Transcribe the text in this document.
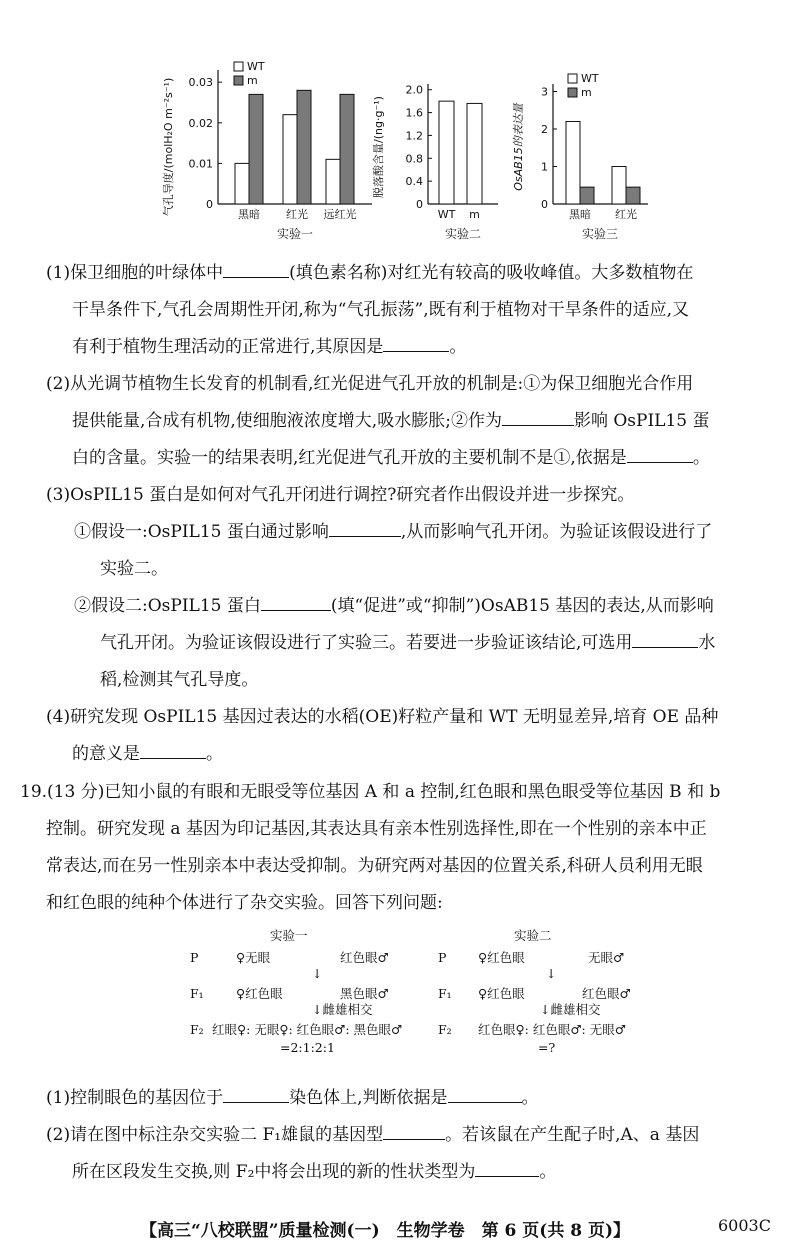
气孔导度/(molH₂O m⁻²s⁻¹)	0
0.01
0.02
0.03
黑暗 红光 远红光
WT
m
实验一
脱落酸含量/(ng·g⁻¹)
0
0.4
0.8
1.2
1.6
2.0
WT m
实验二
OsAB15的表达量
0
1
2
3
黑暗 红光
WT
m
实验三
(1)保卫细胞的叶绿体中	(填色素名称)对红光有较高的吸收峰值。大多数植物在
干旱条件下,气孔会周期性开闭,称为“气孔振荡”,既有利于植物对干旱条件的适应,又
有利于植物生理活动的正常进行,其原因是	。
(2)从光调节植物生长发育的机制看,红光促进气孔开放的机制是:①为保卫细胞光合作用
提供能量,合成有机物,使细胞液浓度增大,吸水膨胀;②作为	影响 OsPIL15 蛋
白的含量。实验一的结果表明,红光促进气孔开放的主要机制不是①,依据是	。
(3)OsPIL15 蛋白是如何对气孔开闭进行调控?研究者作出假设并进一步探究。
①假设一:OsPIL15 蛋白通过影响	,从而影响气孔开闭。为验证该假设进行了
实验二。
②假设二:OsPIL15 蛋白	(填“促进”或“抑制”)OsAB15 基因的表达,从而影响
气孔开闭。为验证该假设进行了实验三。若要进一步验证该结论,可选用	水
稻,检测其气孔导度。
(4)研究发现 OsPIL15 基因过表达的水稻(OE)籽粒产量和 WT 无明显差异,培育 OE 品种
的意义是	。
19.(13 分)已知小鼠的有眼和无眼受等位基因 A 和 a 控制,红色眼和黑色眼受等位基因 B 和 b
控制。研究发现 a 基因为印记基因,其表达具有亲本性别选择性,即在一个性别的亲本中正
常表达,而在另一性别亲本中表达受抑制。为研究两对基因的位置关系,科研人员利用无眼
和红色眼的纯种个体进行了杂交实验。回答下列问题:
实验一
P	♀无眼	红色眼♂
↓
F₁	♀红色眼	黑色眼♂
↓雌雄相交
F₂ 红眼♀: 无眼♀: 红色眼♂: 黑色眼♂
=2:1:2:1
实验二
P	♀红色眼	无眼♂
↓
F₁ ♀红色眼	红色眼♂
↓雌雄相交
F₂ 红色眼♀: 红色眼♂: 无眼♂
=?
(1)控制眼色的基因位于	染色体上,判断依据是	。
(2)请在图中标注杂交实验二 F₁雄鼠的基因型	。若该鼠在产生配子时,A、a 基因
所在区段发生交换,则 F₂中将会出现的新的性状类型为	。
【高三“八校联盟”质量检测(一)　生物学卷　第 6 页(共 8 页)】	6003C
